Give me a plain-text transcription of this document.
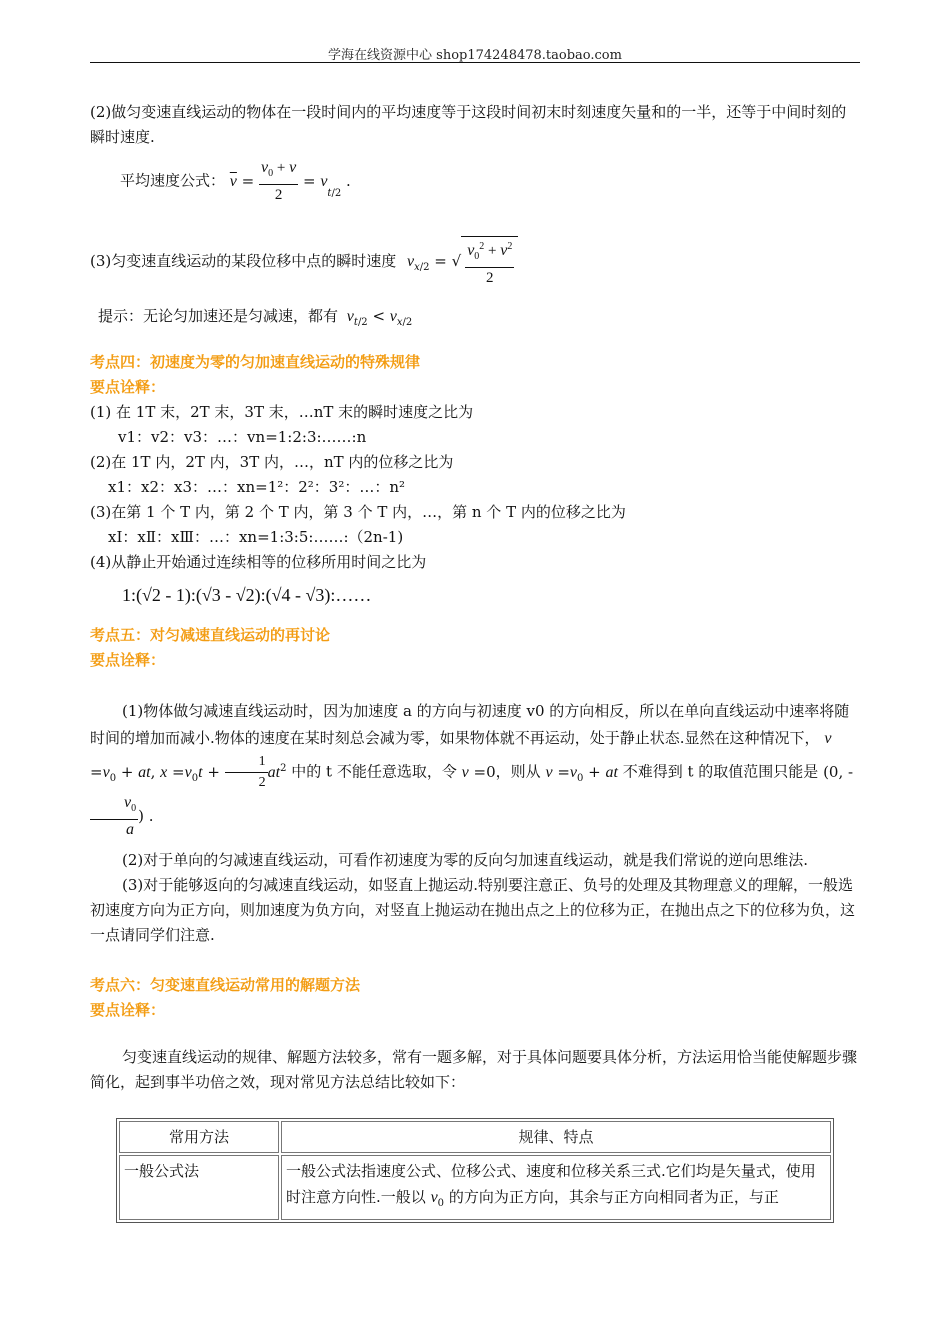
学海在线资源中心 shop174248478.taobao.com

(2)做匀变速直线运动的物体在一段时间内的平均速度等于这段时间初末时刻速度矢量和的一半，还等于中间时刻的瞬时速度.

平均速度公式： $\overline{v} = \frac{v_0 + v}{2} = v_{t/2}$ .
(3)匀变速直线运动的某段位移中点的瞬时速度 $v_{x/2}$ = √ $\frac{v_0^2 + v^2}{2}$
提示：无论匀加速还是匀减速，都有 $v_{t/2} < v_{x/2}$

考点四：初速度为零的匀加速直线运动的特殊规律

要点诠释：

(1) 在 1T 末，2T 末，3T 末，…nT 末的瞬时速度之比为

v1：v2：v3：…：vn=1:2:3:……:n

(2)在 1T 内，2T 内，3T 内，…，nT 内的位移之比为

x1：x2：x3：…：xn=1²：2²：3²：…：n²

(3)在第 1 个 T 内，第 2 个 T 内，第 3 个 T 内，…，第 n 个 T 内的位移之比为

xⅠ：xⅡ：xⅢ：…：xn=1:3:5:……:（2n-1)

(4)从静止开始通过连续相等的位移所用时间之比为

1:(√2 - 1):(√3 - √2):(√4 - √3):……

考点五：对匀减速直线运动的再讨论

要点诠释：

(1)物体做匀减速直线运动时，因为加速度 a 的方向与初速度 v0 的方向相反，所以在单向直线运动中速率将随时间的增加而减小.物体的速度在某时刻总会减为零，如果物体就不再运动，处于静止状态.显然在这种情况下， $v =v_0$ + at, $x =v_0t + \frac{1}{2} at^2$ 中的 t 不能任意选取，令 v =0，则从 $v =v_0$ + at 不难得到 t 的取值范围只能是 (0, -
$\frac{v_0}{a}$ ) .

(2)对于单向的匀减速直线运动，可看作初速度为零的反向匀加速直线运动，就是我们常说的逆向思维法.

(3)对于能够返向的匀减速直线运动，如竖直上抛运动.特别要注意正、负号的处理及其物理意义的理解，一般选初速度方向为正方向，则加速度为负方向，对竖直上抛运动在抛出点之上的位移为正，在抛出点之下的位移为负，这一点请同学们注意.

考点六：匀变速直线运动常用的解题方法

要点诠释：

匀变速直线运动的规律、解题方法较多，常有一题多解，对于具体问题要具体分析，方法运用恰当能使解题步骤简化，起到事半功倍之效，现对常见方法总结比较如下：

常用方法	规律、特点
一般公式法	一般公式法指速度公式、位移公式、速度和位移关系三式.它们均是矢量式，使用时注意方向性.一般以 $v_0$ 的方向为正方向，其余与正方向相同者为正，与正
